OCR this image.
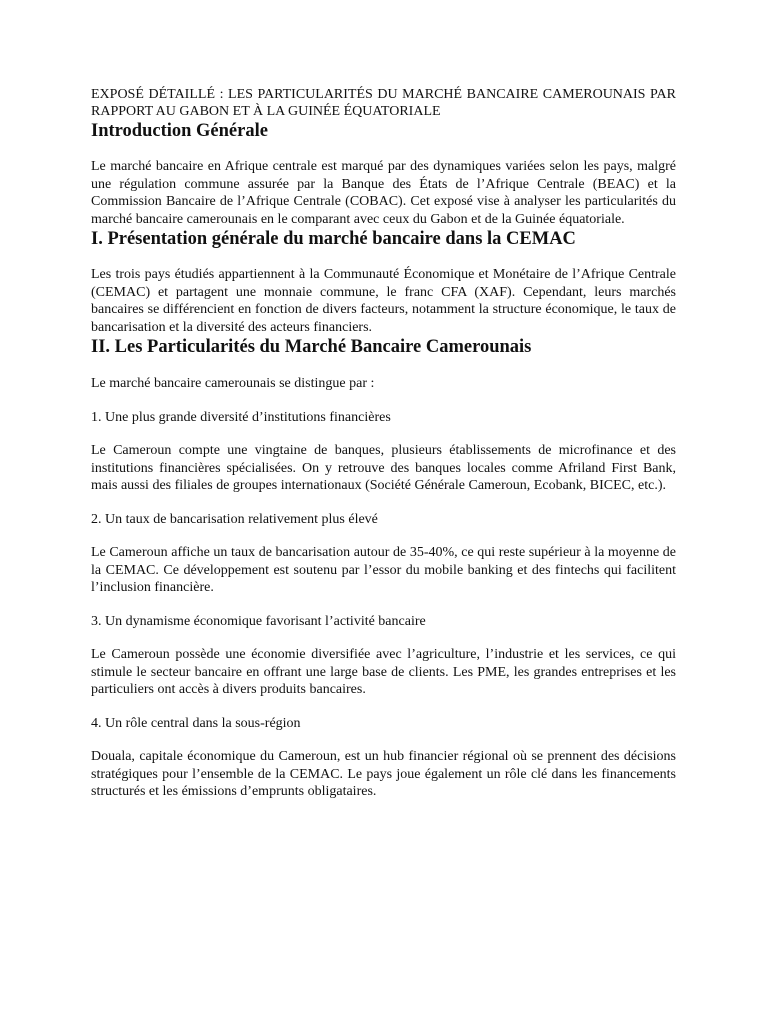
EXPOSÉ DÉTAILLÉ : LES PARTICULARITÉS DU MARCHÉ BANCAIRE CAMEROUNAIS PAR RAPPORT AU GABON ET À LA GUINÉE ÉQUATORIALE

Introduction Générale

Le marché bancaire en Afrique centrale est marqué par des dynamiques variées selon les pays, malgré une régulation commune assurée par la Banque des États de l’Afrique Centrale (BEAC) et la Commission Bancaire de l’Afrique Centrale (COBAC). Cet exposé vise à analyser les particularités du marché bancaire camerounais en le comparant avec ceux du Gabon et de la Guinée équatoriale.

I. Présentation générale du marché bancaire dans la CEMAC

Les trois pays étudiés appartiennent à la Communauté Économique et Monétaire de l’Afrique Centrale (CEMAC) et partagent une monnaie commune, le franc CFA (XAF). Cependant, leurs marchés bancaires se différencient en fonction de divers facteurs, notamment la structure économique, le taux de bancarisation et la diversité des acteurs financiers.

II. Les Particularités du Marché Bancaire Camerounais

Le marché bancaire camerounais se distingue par :

1. Une plus grande diversité d’institutions financières

Le Cameroun compte une vingtaine de banques, plusieurs établissements de microfinance et des institutions financières spécialisées. On y retrouve des banques locales comme Afriland First Bank, mais aussi des filiales de groupes internationaux (Société Générale Cameroun, Ecobank, BICEC, etc.).

2. Un taux de bancarisation relativement plus élevé

Le Cameroun affiche un taux de bancarisation autour de 35-40%, ce qui reste supérieur à la moyenne de la CEMAC. Ce développement est soutenu par l’essor du mobile banking et des fintechs qui facilitent l’inclusion financière.

3. Un dynamisme économique favorisant l’activité bancaire

Le Cameroun possède une économie diversifiée avec l’agriculture, l’industrie et les services, ce qui stimule le secteur bancaire en offrant une large base de clients. Les PME, les grandes entreprises et les particuliers ont accès à divers produits bancaires.

4. Un rôle central dans la sous-région

Douala, capitale économique du Cameroun, est un hub financier régional où se prennent des décisions stratégiques pour l’ensemble de la CEMAC. Le pays joue également un rôle clé dans les financements structurés et les émissions d’emprunts obligataires.
